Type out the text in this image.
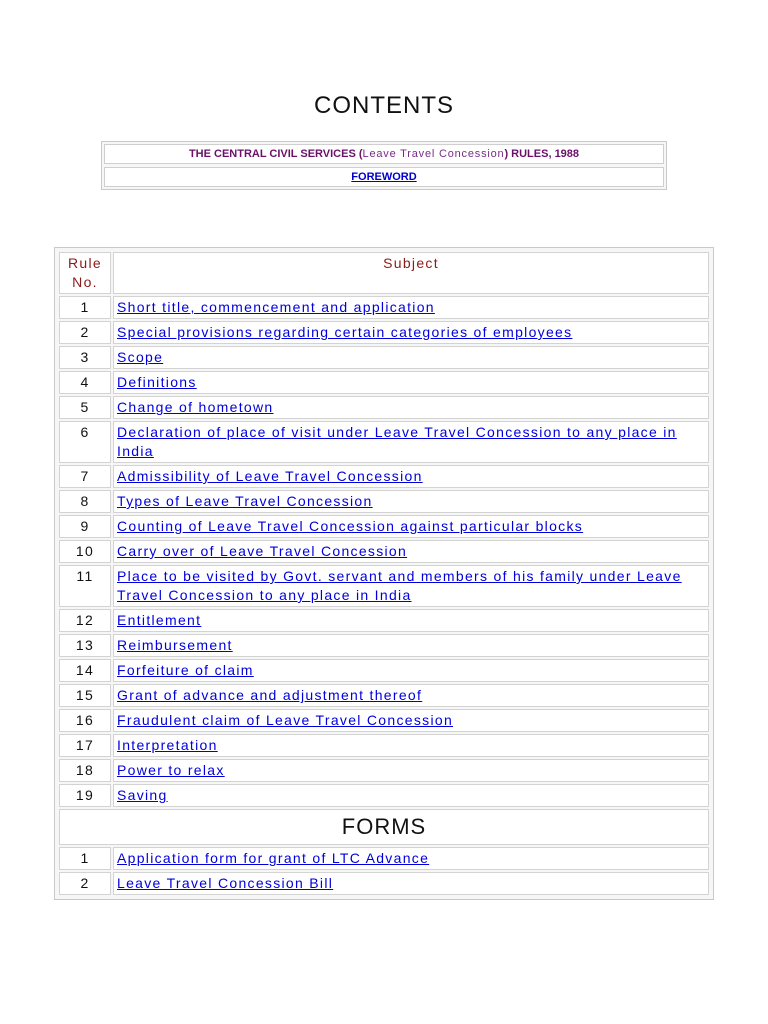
CONTENTS
THE CENTRAL CIVIL SERVICES (Leave Travel Concession) RULES, 1988
FOREWORD
Rule No.	Subject
1	Short title, commencement and application
2	Special provisions regarding certain categories of employees
3	Scope
4	Definitions
5	Change of hometown
6	Declaration of place of visit under Leave Travel Concession to any place in India
7	Admissibility of Leave Travel Concession
8	Types of Leave Travel Concession
9	Counting of Leave Travel Concession against particular blocks
10	Carry over of Leave Travel Concession
11	Place to be visited by Govt. servant and members of his family under Leave Travel Concession to any place in India
12	Entitlement
13	Reimbursement
14	Forfeiture of claim
15	Grant of advance and adjustment thereof
16	Fraudulent claim of Leave Travel Concession
17	Interpretation
18	Power to relax
19	Saving
FORMS	
1	Application form for grant of LTC Advance
2	Leave Travel Concession Bill
